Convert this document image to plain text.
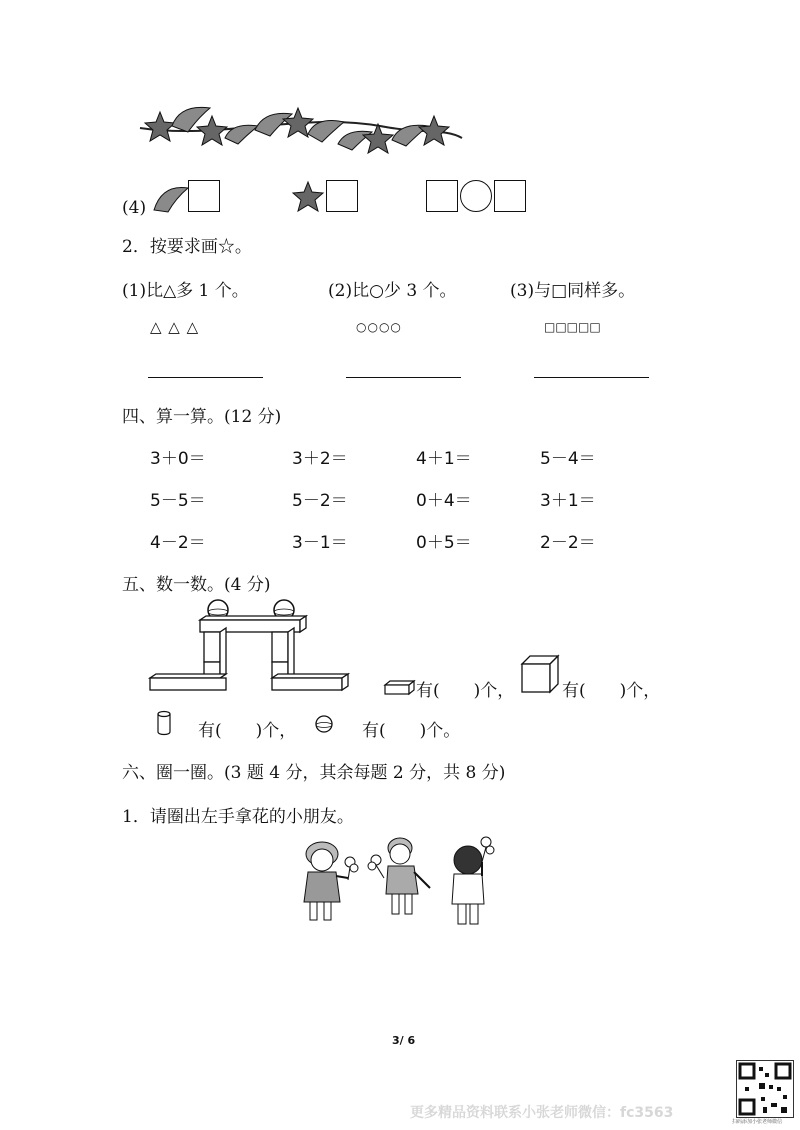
(4)
2．按要求画☆。
(1)比△多 1 个。	(2)比○少 3 个。	(3)与□同样多。
△ △ △	○○○○	□□□□□
四、算一算。(12 分)
3＋0＝	3＋2＝	4＋1＝	5－4＝
5－5＝	5－2＝	0＋4＝	3＋1＝
4－2＝	3－1＝	0＋5＝	2－2＝
五、数一数。(4 分)
有(　　)个，	有(　　)个，
有(　　)个，	有(　　)个。
六、圈一圈。(3 题 4 分，其余每题 2 分，共 8 分)
1．请圈出左手拿花的小朋友。
3/ 6
更多精品资料联系小张老师微信：fc3563
扫码添加小张老师微信
